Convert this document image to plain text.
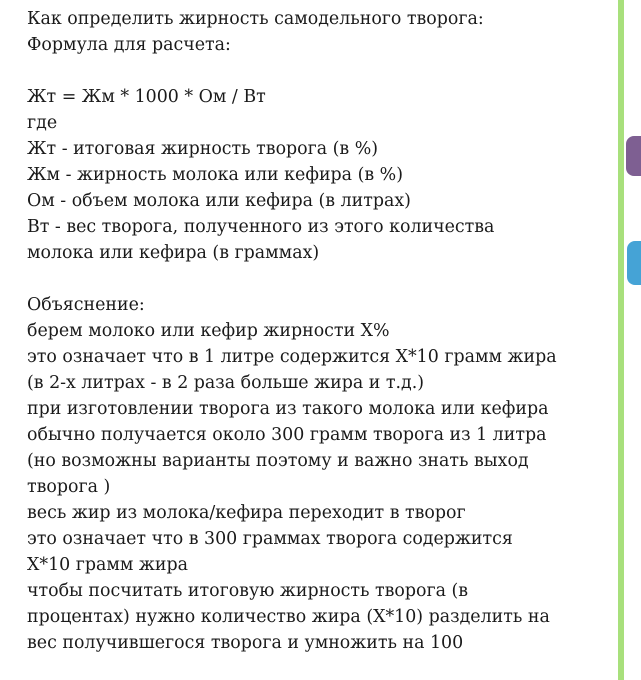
Как определить жирность самодельного творога:
Формула для расчета:
Жт = Жм * 1000 * Ом / Вт
где
Жт - итоговая жирность творога (в %)
Жм - жирность молока или кефира (в %)
Ом - объем молока или кефира (в литрах)
Вт - вес творога, полученного из этого количества
молока или кефира (в граммах)
Объяснение:
берем молоко или кефир жирности Х%
это означает что в 1 литре содержится Х*10 грамм жира
(в 2-х литрах - в 2 раза больше жира и т.д.)
при изготовлении творога из такого молока или кефира
обычно получается около 300 грамм творога из 1 литра
(но возможны варианты поэтому и важно знать выход
творога )
весь жир из молока/кефира переходит в творог
это означает что в 300 граммах творога содержится
Х*10 грамм жира
чтобы посчитать итоговую жирность творога (в
процентах) нужно количество жира (Х*10) разделить на
вес получившегося творога и умножить на 100
